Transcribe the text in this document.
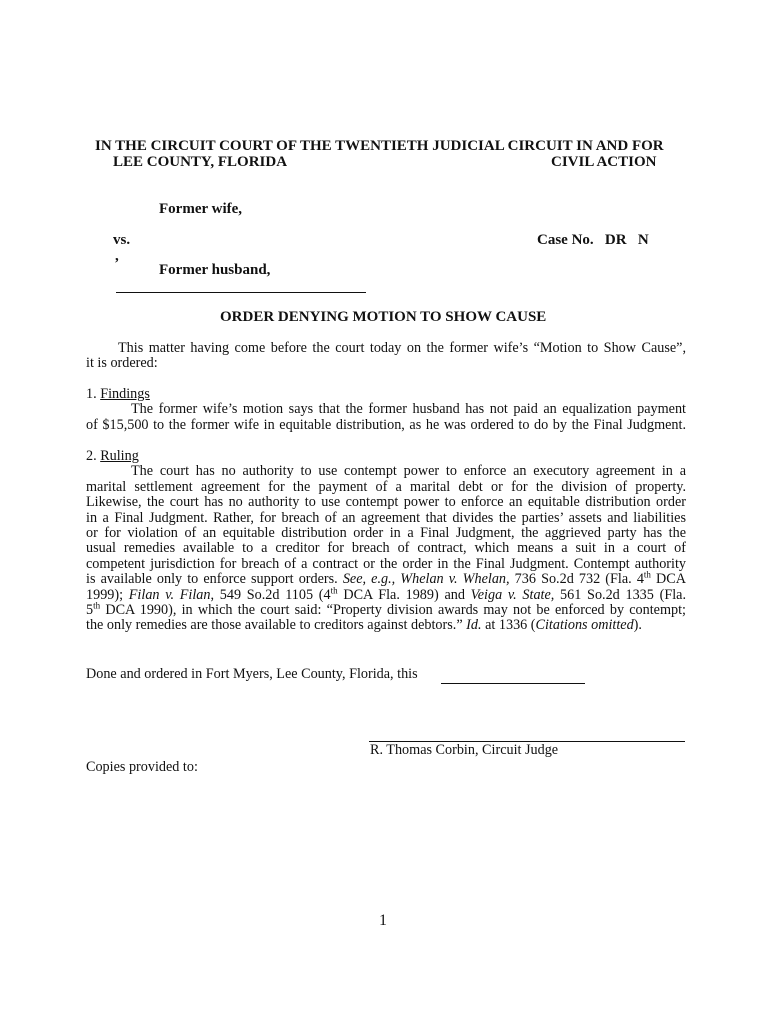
IN THE CIRCUIT COURT OF THE TWENTIETH JUDICIAL CIRCUIT IN AND FOR
LEE COUNTY, FLORIDA	CIVIL ACTION
Former wife,
vs.	Case No.   DR   N
,
Former husband,
ORDER DENYING MOTION TO SHOW CAUSE
This matter having come before the court today on the former wife’s “Motion to Show Cause”,
it is ordered:
1. Findings
The former wife’s motion says that the former husband has not paid an equalization payment
of $15,500 to the former wife in equitable distribution, as he was ordered to do by the Final Judgment.
2. Ruling
The court has no authority to use contempt power to enforce an executory agreement in a
marital settlement agreement for the payment of a marital debt or for the division of property.
Likewise, the court has no authority to use contempt power to enforce an equitable distribution order
in a Final Judgment. Rather, for breach of an agreement that divides the parties’ assets and liabilities
or for violation of an equitable distribution order in a Final Judgment, the aggrieved party has the
usual remedies available to a creditor for breach of contract, which means a suit in a court of
competent jurisdiction for breach of a contract or the order in the Final Judgment. Contempt authority
is available only to enforce support orders. See, e.g., Whelan v. Whelan, 736 So.2d 732 (Fla. 4th DCA
1999); Filan v. Filan, 549 So.2d 1105 (4th DCA Fla. 1989) and Veiga v. State, 561 So.2d 1335 (Fla.
5th DCA 1990), in which the court said: “Property division awards may not be enforced by contempt;
the only remedies are those available to creditors against debtors.” Id. at 1336 (Citations omitted).
Done and ordered in Fort Myers, Lee County, Florida, this
R. Thomas Corbin, Circuit Judge
Copies provided to:
1
